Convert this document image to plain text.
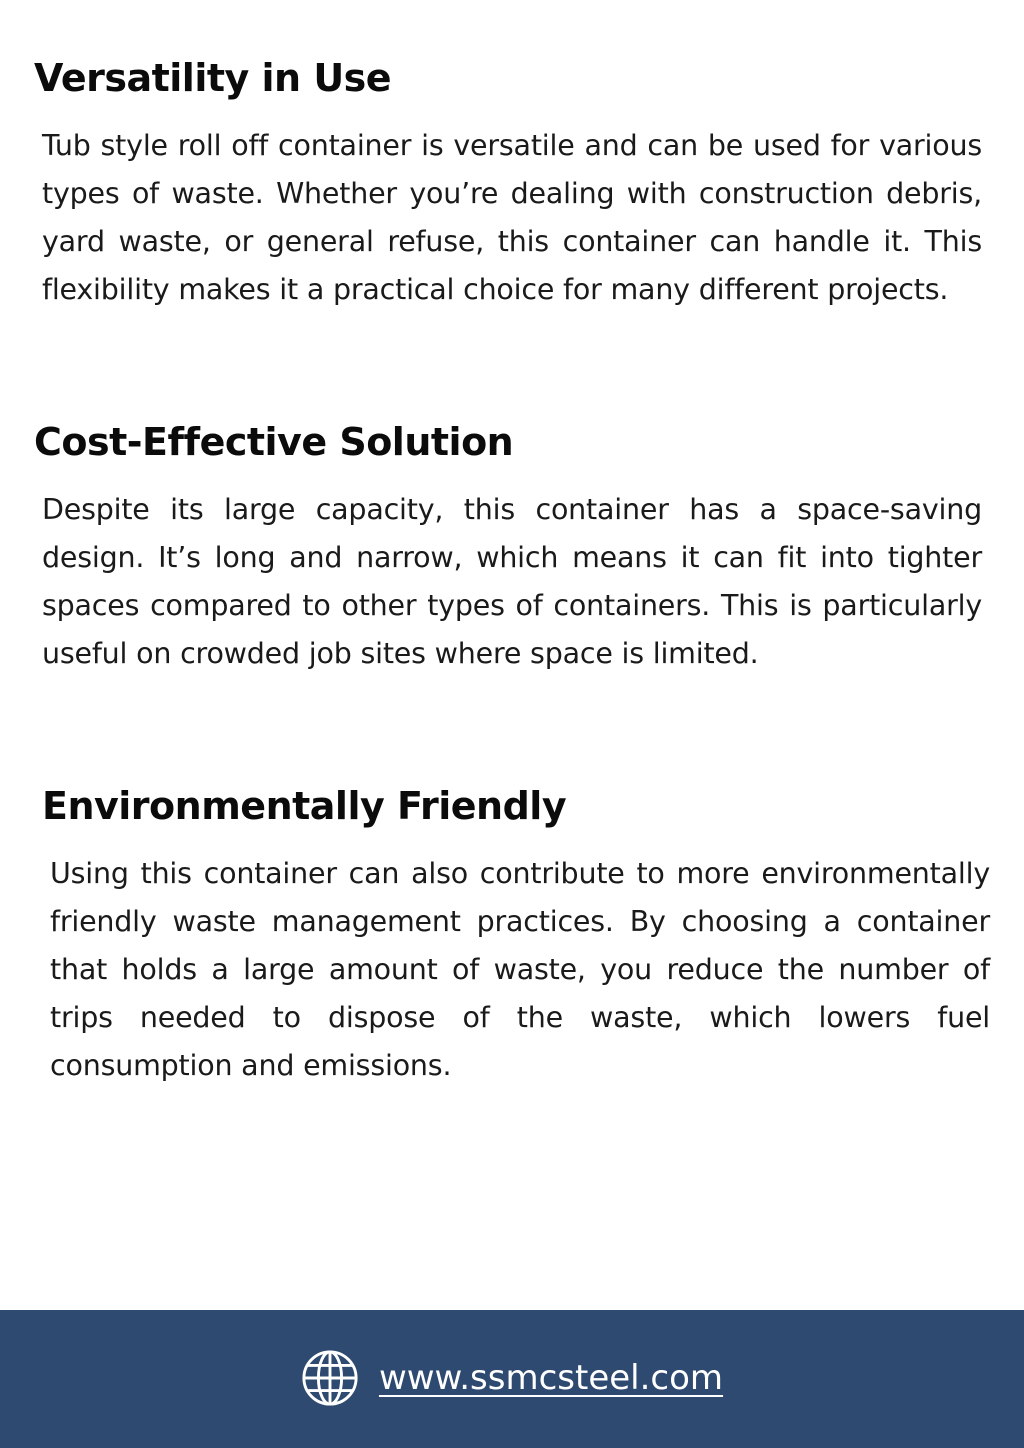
Versatility in Use

Tub style roll off container is versatile and can be used for various types of waste. Whether you’re dealing with construction debris, yard waste, or general refuse, this container can handle it. This flexibility makes it a practical choice for many different projects.

Cost-Effective Solution

Despite its large capacity, this container has a space-saving design. It’s long and narrow, which means it can fit into tighter spaces compared to other types of containers. This is particularly useful on crowded job sites where space is limited.

Environmentally Friendly

Using this container can also contribute to more environmentally friendly waste management practices. By choosing a container that holds a large amount of waste, you reduce the number of trips needed to dispose of the waste, which lowers fuel consumption and emissions.

www.ssmcsteel.com
